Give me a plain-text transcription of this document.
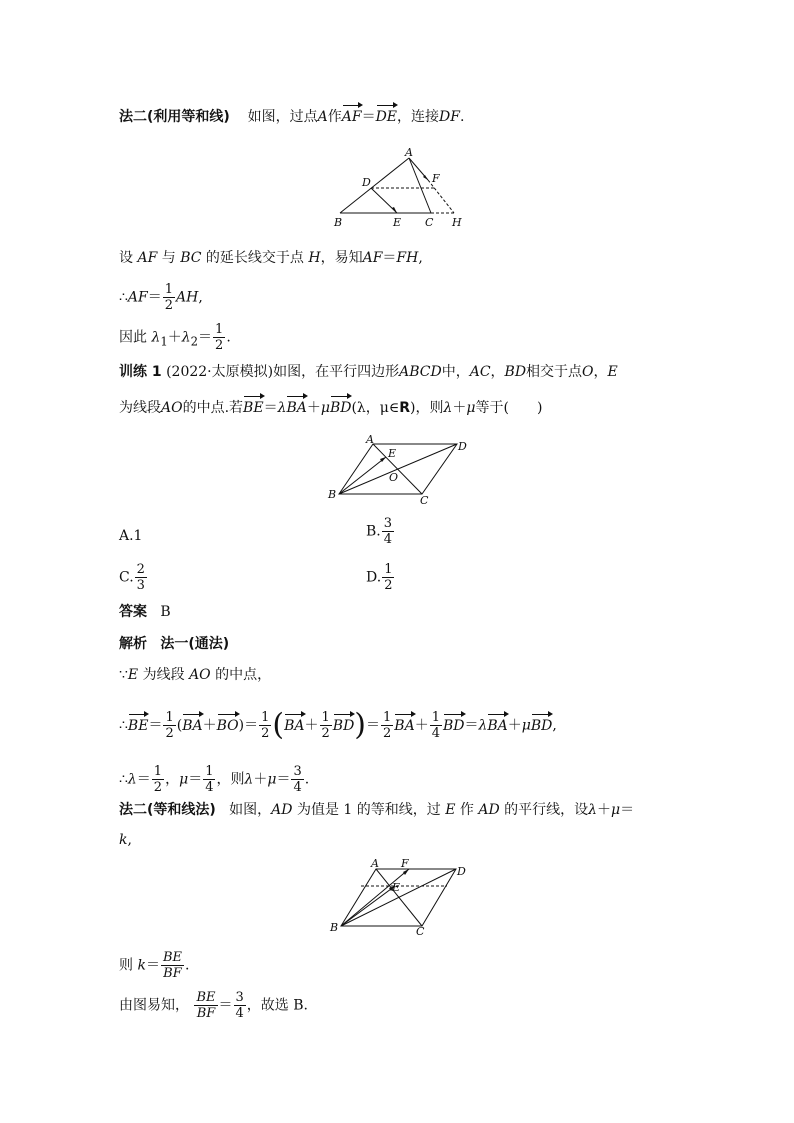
法二(利用等和线) 如图，过点A作AF＝DE，连接DF.
A
D	F
B	E C H
设 AF 与 BC 的延长线交于点 H，易知AF＝FH,
∴AF＝ $\frac{1}{2}$ AH,
因此 $\lambda_1+\lambda_2= \frac{1}{2}$ .
训练 1 (2022·太原模拟)如图，在平行四边形ABCD中，AC，BD相交于点O，E
为线段AO的中点.若BE＝λBA＋μBD(λ，μ∈R)，则λ＋μ等于(　　)
A
D
E
O
B	C
A.1	B. $\frac{3}{4}$
C. $\frac{2}{3}$	D. $\frac{1}{2}$
答案 B
解析 法一(通法)
∵E 为线段 AO 的中点，
∴BE＝ $\frac{1}{2} (BA+BO)= \frac{1}{2} (BA+ \frac{1}{2} BD)= \frac{1}{2} BA+ \frac{1}{4} BD=\lambda BA+\mu BD$,
∴λ＝ $\frac{1}{2}$ ，$\mu= \frac{1}{4}$ ，则$\lambda+\mu= \frac{3}{4}$ .
法二(等和线法) 如图，AD 为值是 1 的等和线，过 E 作 AD 的平行线，设λ＋μ＝
k,
A F
D
E
B	C
则 $k= \frac{BE}{BF}$ .
由图易知， $\frac{BE}{BF} = \frac{3}{4}$ ，故选 B.
